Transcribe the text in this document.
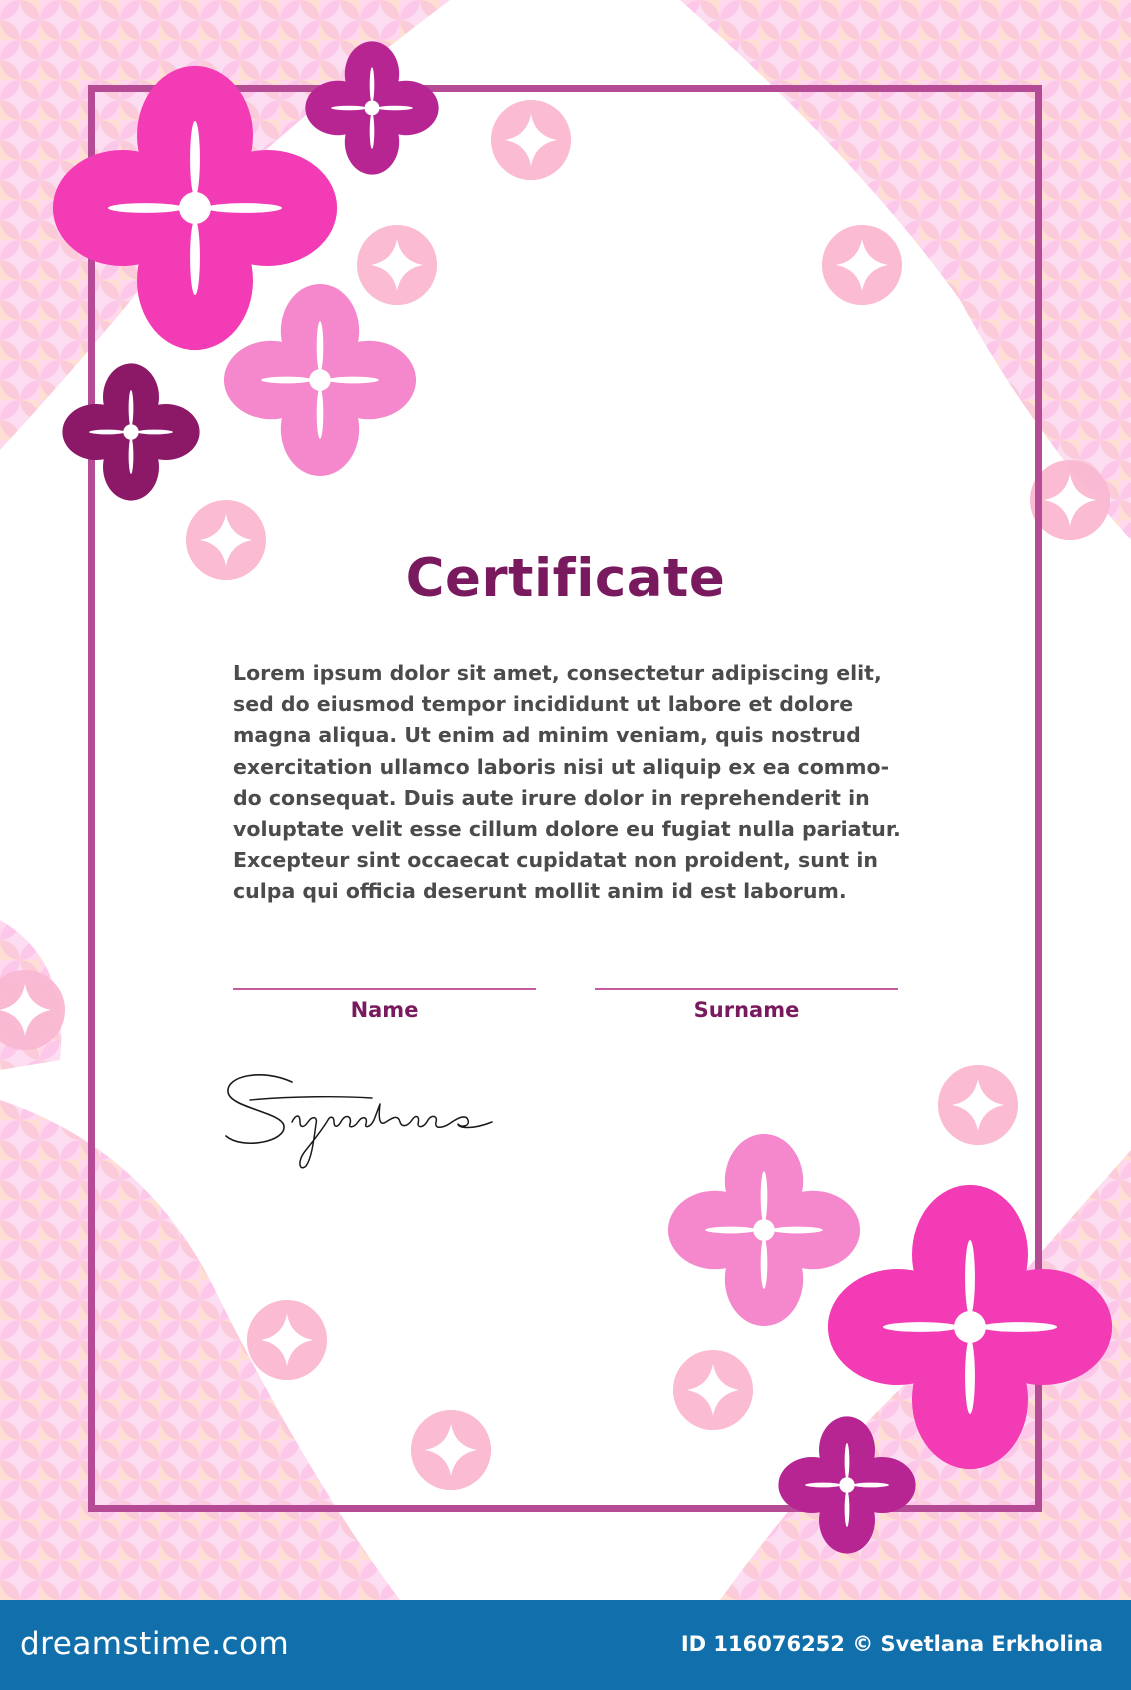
Certificate
Lorem ipsum dolor sit amet, consectetur adipiscing elit,
sed do eiusmod tempor incididunt ut labore et dolore
magna aliqua. Ut enim ad minim veniam, quis nostrud
exercitation ullamco laboris nisi ut aliquip ex ea commo-
do consequat. Duis aute irure dolor in reprehenderit in
voluptate velit esse cillum dolore eu fugiat nulla pariatur.
Excepteur sint occaecat cupidatat non proident, sunt in
culpa qui officia deserunt mollit anim id est laborum.
Name	Surname
dreamstime.com	ID 116076252 © Svetlana Erkholina
